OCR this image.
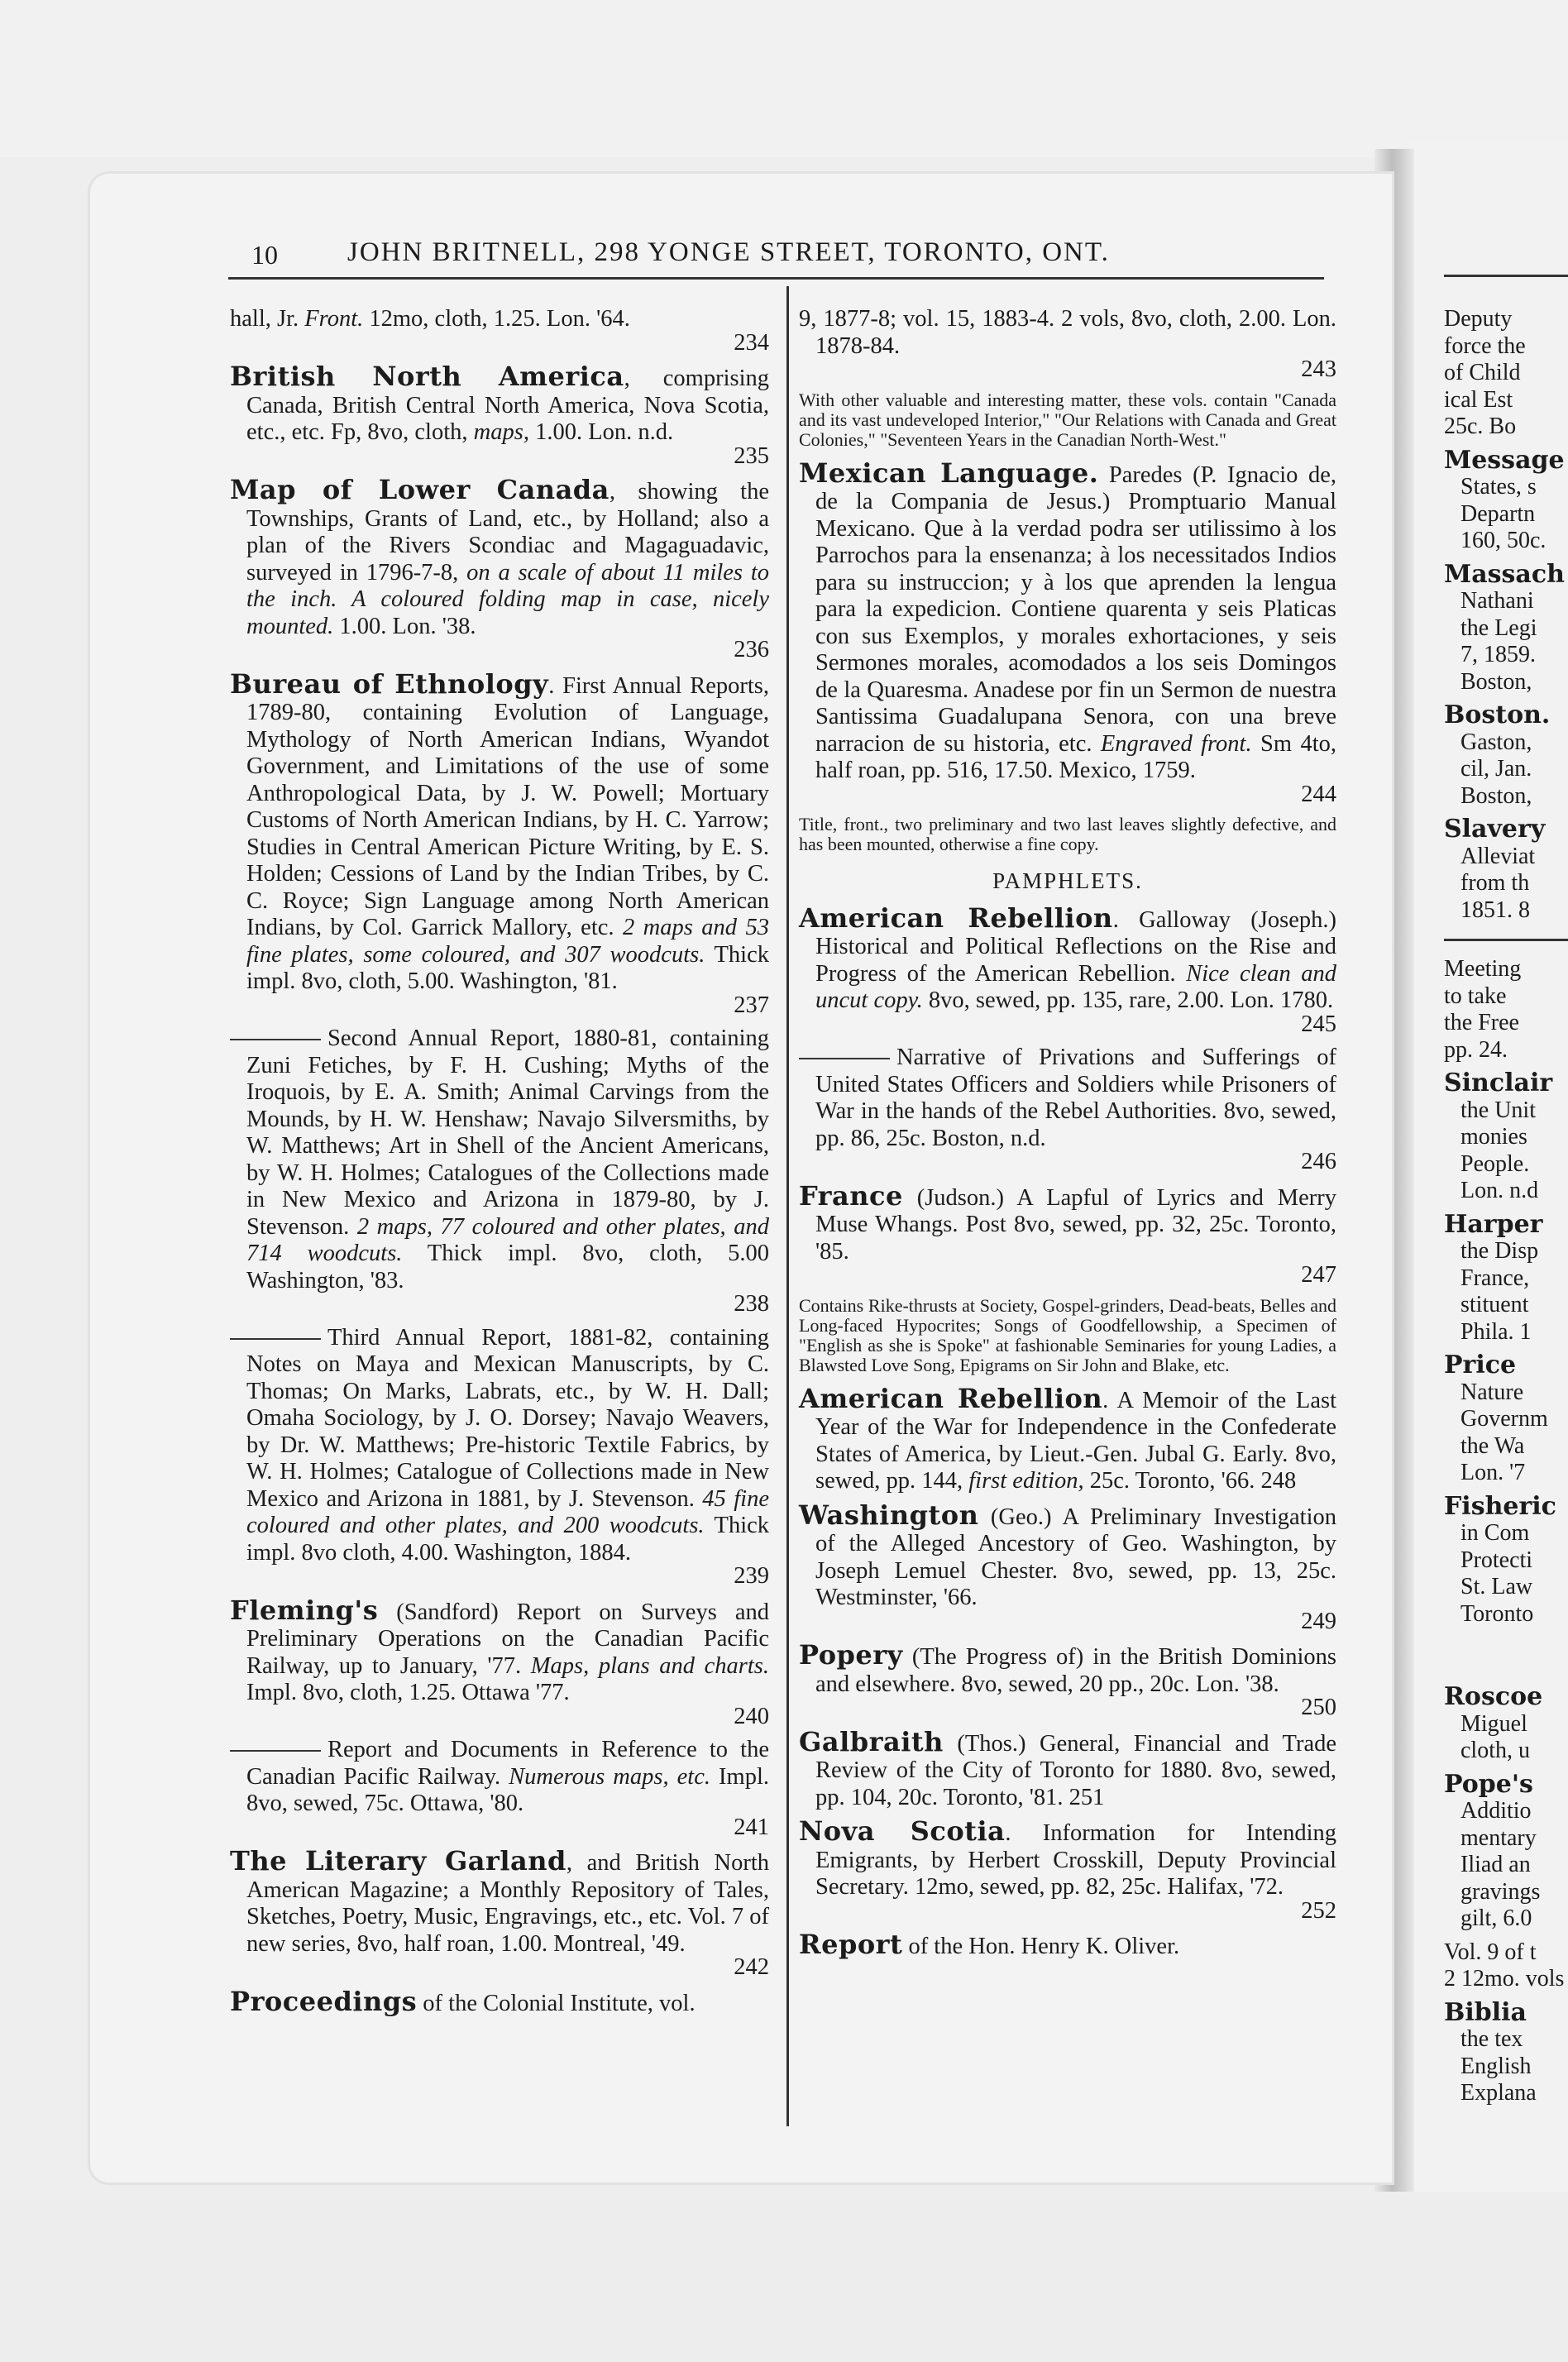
10	JOHN BRITNELL, 298 YONGE STREET, TORONTO, ONT.
hall, Jr. Front. 12mo, cloth, 1.25. Lon. '64.
234
British North America, comprising Canada, British Central North America, Nova Scotia, etc., etc. Fp, 8vo, cloth, maps, 1.00. Lon. n.d.
235
Map of Lower Canada, showing the Townships, Grants of Land, etc., by Holland; also a plan of the Rivers Scondiac and Magaguadavic, surveyed in 1796-7-8, on a scale of about 11 miles to the inch. A coloured folding map in case, nicely mounted. 1.00. Lon. '38.
236
Bureau of Ethnology. First Annual Reports, 1789-80, containing Evolution of Language, Mythology of North American Indians, Wyandot Government, and Limitations of the use of some Anthropological Data, by J. W. Powell; Mortuary Customs of North American Indians, by H. C. Yarrow; Studies in Central American Picture Writing, by E. S. Holden; Cessions of Land by the Indian Tribes, by C. C. Royce; Sign Language among North American Indians, by Col. Garrick Mallory, etc. 2 maps and 53 fine plates, some coloured, and 307 woodcuts. Thick impl. 8vo, cloth, 5.00. Washington, '81.
237
Second Annual Report, 1880-81, containing Zuni Fetiches, by F. H. Cushing; Myths of the Iroquois, by E. A. Smith; Animal Carvings from the Mounds, by H. W. Henshaw; Navajo Silversmiths, by W. Matthews; Art in Shell of the Ancient Americans, by W. H. Holmes; Catalogues of the Collections made in New Mexico and Arizona in 1879-80, by J. Stevenson. 2 maps, 77 coloured and other plates, and 714 woodcuts. Thick impl. 8vo, cloth, 5.00 Washington, '83.
238
Third Annual Report, 1881-82, containing Notes on Maya and Mexican Manuscripts, by C. Thomas; On Marks, Labrats, etc., by W. H. Dall; Omaha Sociology, by J. O. Dorsey; Navajo Weavers, by Dr. W. Matthews; Pre-historic Textile Fabrics, by W. H. Holmes; Catalogue of Collections made in New Mexico and Arizona in 1881, by J. Stevenson. 45 fine coloured and other plates, and 200 woodcuts. Thick impl. 8vo cloth, 4.00. Washington, 1884.
239
Fleming's (Sandford) Report on Surveys and Preliminary Operations on the Canadian Pacific Railway, up to January, '77. Maps, plans and charts. Impl. 8vo, cloth, 1.25. Ottawa '77.
240
Report and Documents in Reference to the Canadian Pacific Railway. Numerous maps, etc. Impl. 8vo, sewed, 75c. Ottawa, '80.
241
The Literary Garland, and British North American Magazine; a Monthly Repository of Tales, Sketches, Poetry, Music, Engravings, etc., etc. Vol. 7 of new series, 8vo, half roan, 1.00. Montreal, '49.
242
Proceedings of the Colonial Institute, vol.
9, 1877-8; vol. 15, 1883-4. 2 vols, 8vo, cloth, 2.00. Lon. 1878-84.
243
With other valuable and interesting matter, these vols. contain "Canada and its vast undeveloped Interior," "Our Relations with Canada and Great Colonies," "Seventeen Years in the Canadian North-West."
Mexican Language. Paredes (P. Ignacio de, de la Compania de Jesus.) Promptuario Manual Mexicano. Que à la verdad podra ser utilissimo à los Parrochos para la ensenanza; à los necessitados Indios para su instruccion; y à los que aprenden la lengua para la expedicion. Contiene quarenta y seis Platicas con sus Exemplos, y morales exhortaciones, y seis Sermones morales, acomodados a los seis Domingos de la Quaresma. Anadese por fin un Sermon de nuestra Santissima Guadalupana Senora, con una breve narracion de su historia, etc. Engraved front. Sm 4to, half roan, pp. 516, 17.50. Mexico, 1759.
244
Title, front., two preliminary and two last leaves slightly defective, and has been mounted, otherwise a fine copy.
PAMPHLETS.
American Rebellion. Galloway (Joseph.) Historical and Political Reflections on the Rise and Progress of the American Rebellion. Nice clean and uncut copy. 8vo, sewed, pp. 135, rare, 2.00. Lon. 1780.
245
Narrative of Privations and Sufferings of United States Officers and Soldiers while Prisoners of War in the hands of the Rebel Authorities. 8vo, sewed, pp. 86, 25c. Boston, n.d.
246
France (Judson.) A Lapful of Lyrics and Merry Muse Whangs. Post 8vo, sewed, pp. 32, 25c. Toronto, '85.
247
Contains Rike-thrusts at Society, Gospel-grinders, Dead-beats, Belles and Long-faced Hypocrites; Songs of Goodfellowship, a Specimen of "English as she is Spoke" at fashionable Seminaries for young Ladies, a Blawsted Love Song, Epigrams on Sir John and Blake, etc.
American Rebellion. A Memoir of the Last Year of the War for Independence in the Confederate States of America, by Lieut.-Gen. Jubal G. Early. 8vo, sewed, pp. 144, first edition, 25c. Toronto, '66. 248
Washington (Geo.) A Preliminary Investigation of the Alleged Ancestory of Geo. Washington, by Joseph Lemuel Chester. 8vo, sewed, pp. 13, 25c. Westminster, '66.
249
Popery (The Progress of) in the British Dominions and elsewhere. 8vo, sewed, 20 pp., 20c. Lon. '38.
250
Galbraith (Thos.) General, Financial and Trade Review of the City of Toronto for 1880. 8vo, sewed, pp. 104, 20c. Toronto, '81. 251
Nova Scotia. Information for Intending Emigrants, by Herbert Crosskill, Deputy Provincial Secretary. 12mo, sewed, pp. 82, 25c. Halifax, '72.
252
Report of the Hon. Henry K. Oliver.
Deputy
force the
of Child
ical Est
25c. Bo
Message
States, s
Departn
160, 50c.
Massach
Nathani
the Legi
7, 1859.
Boston,
Boston.
Gaston,
cil, Jan.
Boston,
Slavery
Alleviat
from th
1851. 8
Meeting
to take
the Free
pp. 24.
Sinclair
the Unit
monies
People.
Lon. n.d
Harper
the Disp
France,
stituent
Phila. 1
Price
Nature
Governm
the Wa
Lon. '7
Fisheric
in Com
Protecti
St. Law
Toronto
Roscoe
Miguel
cloth, u
Pope's
Additio
mentary
Iliad an
gravings
gilt, 6.0
Vol. 9 of t
2 12mo. vols
Biblia
the tex
English
Explana
